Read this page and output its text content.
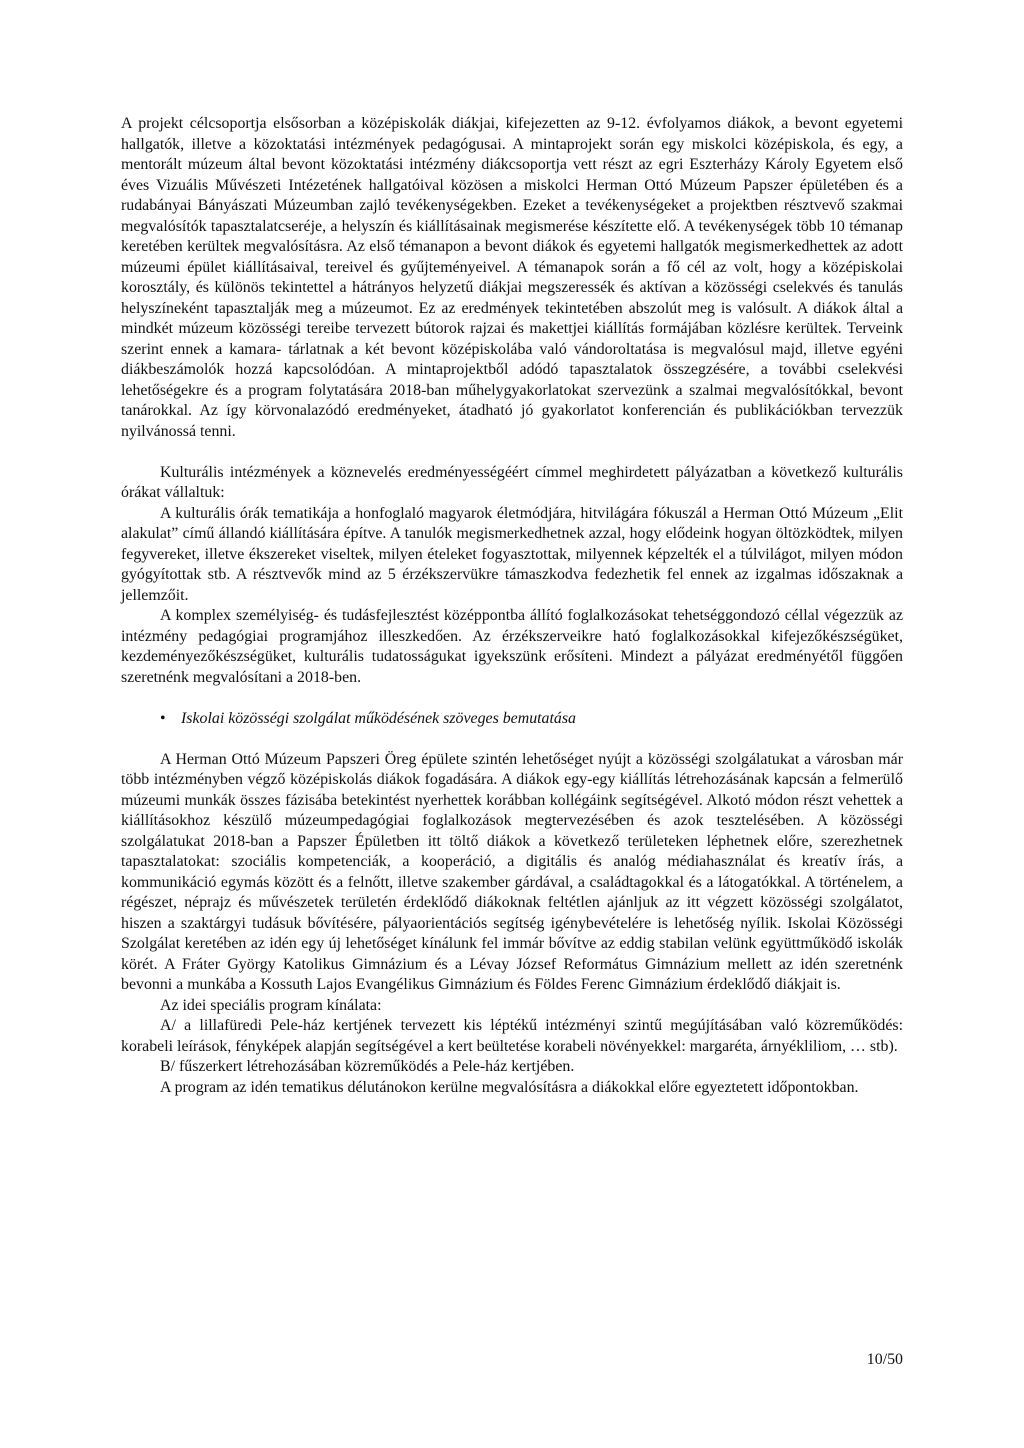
A projekt célcsoportja elsősorban a középiskolák diákjai, kifejezetten az 9-12. évfolyamos diákok, a bevont egyetemi hallgatók, illetve a közoktatási intézmények pedagógusai. A mintaprojekt során egy miskolci középiskola, és egy, a mentorált múzeum által bevont közoktatási intézmény diákcsoportja vett részt az egri Eszterházy Károly Egyetem első éves Vizuális Művészeti Intézetének hallgatóival közösen a miskolci Herman Ottó Múzeum Papszer épületében és a rudabányai Bányászati Múzeumban zajló tevékenységekben. Ezeket a tevékenységeket a projektben résztvevő szakmai megvalósítók tapasztalatcseréje, a helyszín és kiállításainak megismerése készítette elő. A tevékenységek több 10 témanap keretében kerültek megvalósításra. Az első témanapon a bevont diákok és egyetemi hallgatók megismerkedhettek az adott múzeumi épület kiállításaival, tereivel és gyűjteményeivel. A témanapok során a fő cél az volt, hogy a középiskolai korosztály, és különös tekintettel a hátrányos helyzetű diákjai megszeressék és aktívan a közösségi cselekvés és tanulás helyszíneként tapasztalják meg a múzeumot. Ez az eredmények tekintetében abszolút meg is valósult. A diákok által a mindkét múzeum közösségi tereibe tervezett bútorok rajzai és makettjei kiállítás formájában közlésre kerültek. Terveink szerint ennek a kamara- tárlatnak a két bevont középiskolába való vándoroltatása is megvalósul majd, illetve egyéni diákbeszámolók hozzá kapcsolódóan. A mintaprojektből adódó tapasztalatok összegzésére, a további cselekvési lehetőségekre és a program folytatására 2018-ban műhelygyakorlatokat szervezünk a szalmai megvalósítókkal, bevont tanárokkal. Az így körvonalazódó eredményeket, átadható jó gyakorlatot konferencián és publikációkban tervezzük nyilvánossá tenni.

Kulturális intézmények a köznevelés eredményességéért címmel meghirdetett pályázatban a következő kulturális órákat vállaltuk:

A kulturális órák tematikája a honfoglaló magyarok életmódjára, hitvilágára fókuszál a Herman Ottó Múzeum „Elit alakulat” című állandó kiállítására építve. A tanulók megismerkedhetnek azzal, hogy elődeink hogyan öltözködtek, milyen fegyvereket, illetve ékszereket viseltek, milyen ételeket fogyasztottak, milyennek képzelték el a túlvilágot, milyen módon gyógyítottak stb. A résztvevők mind az 5 érzékszervükre támaszkodva fedezhetik fel ennek az izgalmas időszaknak a jellemzőit.

A komplex személyiség- és tudásfejlesztést középpontba állító foglalkozásokat tehetséggondozó céllal végezzük az intézmény pedagógiai programjához illeszkedően. Az érzékszerveikre ható foglalkozásokkal kifejezőkészségüket, kezdeményezőkészségüket, kulturális tudatosságukat igyekszünk erősíteni. Mindezt a pályázat eredményétől függően szeretnénk megvalósítani a 2018-ben.

• Iskolai közösségi szolgálat működésének szöveges bemutatása

A Herman Ottó Múzeum Papszeri Öreg épülete szintén lehetőséget nyújt a közösségi szolgálatukat a városban már több intézményben végző középiskolás diákok fogadására. A diákok egy-egy kiállítás létrehozásának kapcsán a felmerülő múzeumi munkák összes fázisába betekintést nyerhettek korábban kollégáink segítségével. Alkotó módon részt vehettek a kiállításokhoz készülő múzeumpedagógiai foglalkozások megtervezésében és azok tesztelésében. A közösségi szolgálatukat 2018-ban a Papszer Épületben itt töltő diákok a következő területeken léphetnek előre, szerezhetnek tapasztalatokat: szociális kompetenciák, a kooperáció, a digitális és analóg médiahasználat és kreatív írás, a kommunikáció egymás között és a felnőtt, illetve szakember gárdával, a családtagokkal és a látogatókkal. A történelem, a régészet, néprajz és művészetek területén érdeklődő diákoknak feltétlen ajánljuk az itt végzett közösségi szolgálatot, hiszen a szaktárgyi tudásuk bővítésére, pályaorientációs segítség igénybevételére is lehetőség nyílik. Iskolai Közösségi Szolgálat keretében az idén egy új lehetőséget kínálunk fel immár bővítve az eddig stabilan velünk együttműködő iskolák körét. A Fráter György Katolikus Gimnázium és a Lévay József Református Gimnázium mellett az idén szeretnénk bevonni a munkába a Kossuth Lajos Evangélikus Gimnázium és Földes Ferenc Gimnázium érdeklődő diákjait is.

Az idei speciális program kínálata:

A/ a lillafüredi Pele-ház kertjének tervezett kis léptékű intézményi szintű megújításában való közreműködés: korabeli leírások, fényképek alapján segítségével a kert beültetése korabeli növényekkel: margaréta, árnyékliliom, … stb).

B/ fűszerkert létrehozásában közreműködés a Pele-ház kertjében.

A program az idén tematikus délutánokon kerülne megvalósításra a diákokkal előre egyeztetett időpontokban.

10/50
